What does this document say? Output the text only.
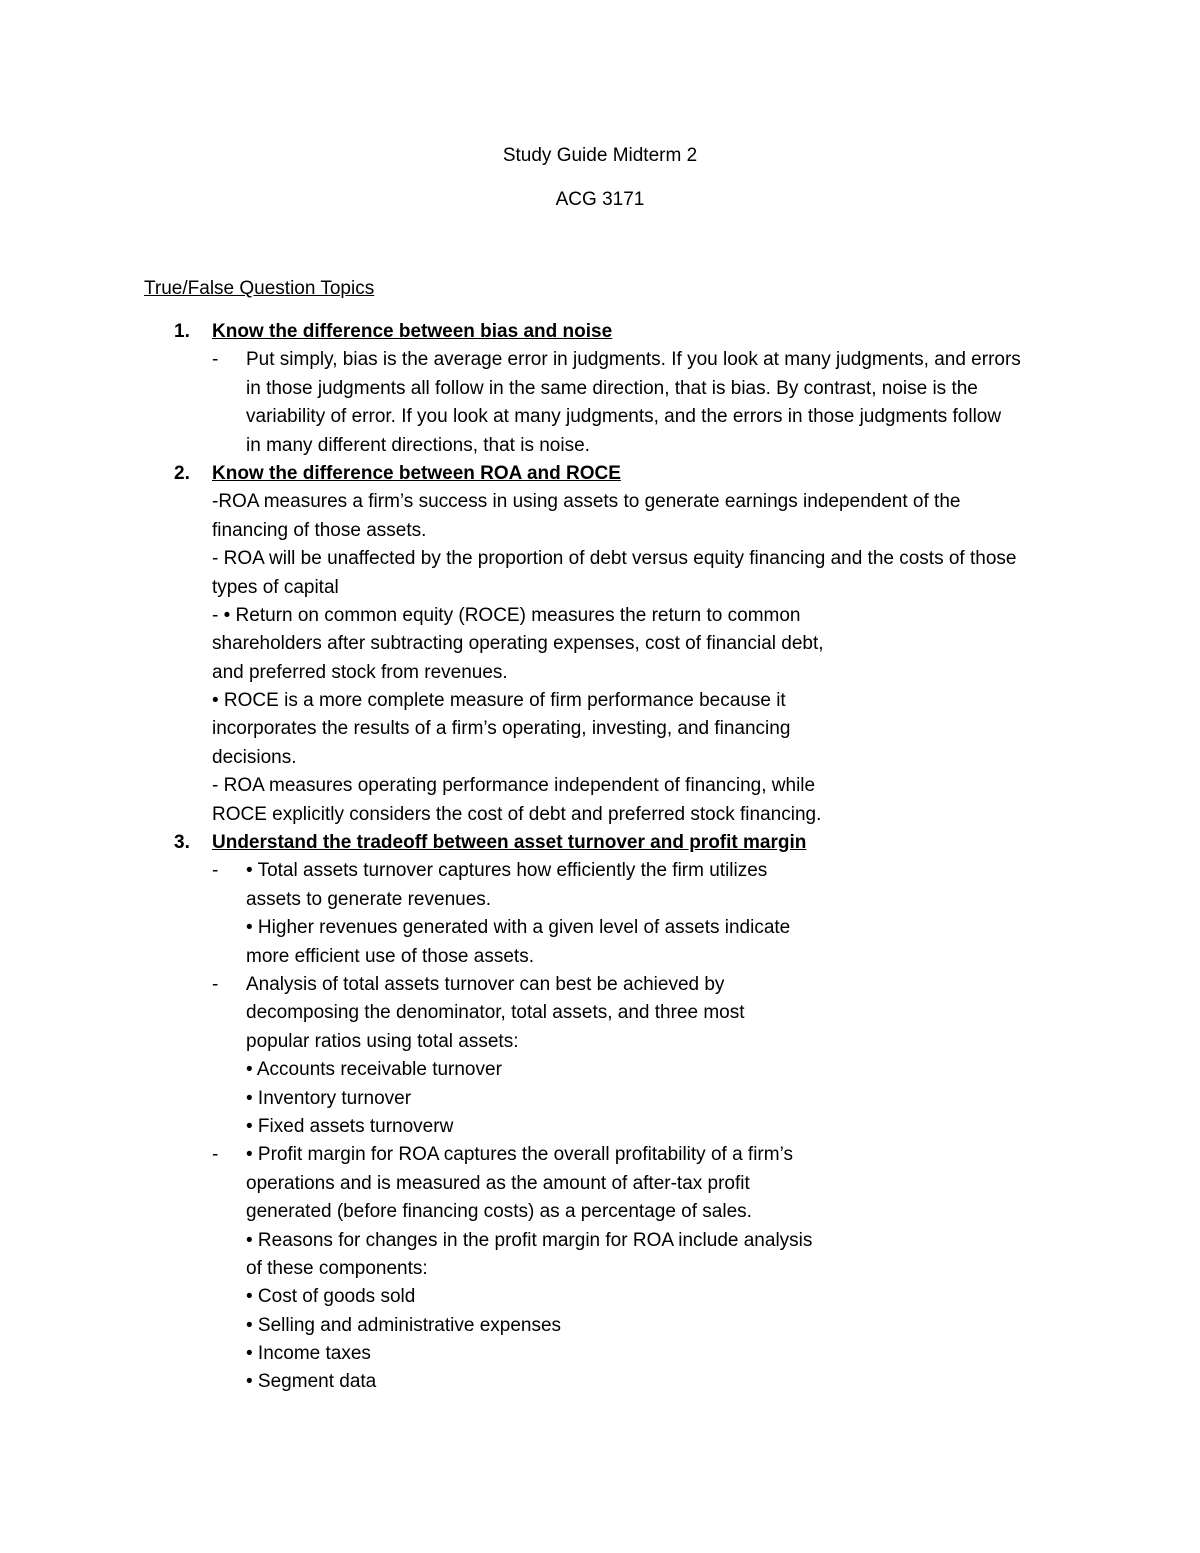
Study Guide Midterm 2
ACG 3171
True/False Question Topics
1. Know the difference between bias and noise
- Put simply, bias is the average error in judgments. If you look at many judgments, and errors
in those judgments all follow in the same direction, that is bias. By contrast, noise is the
variability of error. If you look at many judgments, and the errors in those judgments follow
in many different directions, that is noise.
2. Know the difference between ROA and ROCE
-ROA measures a firm’s success in using assets to generate earnings independent of the
financing of those assets.
- ROA will be unaffected by the proportion of debt versus equity financing and the costs of those
types of capital
- • Return on common equity (ROCE) measures the return to common
shareholders after subtracting operating expenses, cost of financial debt,
and preferred stock from revenues.
• ROCE is a more complete measure of firm performance because it
incorporates the results of a firm’s operating, investing, and financing
decisions.
- ROA measures operating performance independent of financing, while
ROCE explicitly considers the cost of debt and preferred stock financing.
3. Understand the tradeoff between asset turnover and profit margin
- • Total assets turnover captures how efficiently the firm utilizes
assets to generate revenues.
• Higher revenues generated with a given level of assets indicate
more efficient use of those assets.
- Analysis of total assets turnover can best be achieved by
decomposing the denominator, total assets, and three most
popular ratios using total assets:
• Accounts receivable turnover
• Inventory turnover
• Fixed assets turnoverw
- • Profit margin for ROA captures the overall profitability of a firm’s
operations and is measured as the amount of after-tax profit
generated (before financing costs) as a percentage of sales.
• Reasons for changes in the profit margin for ROA include analysis
of these components:
• Cost of goods sold
• Selling and administrative expenses
• Income taxes
• Segment data
